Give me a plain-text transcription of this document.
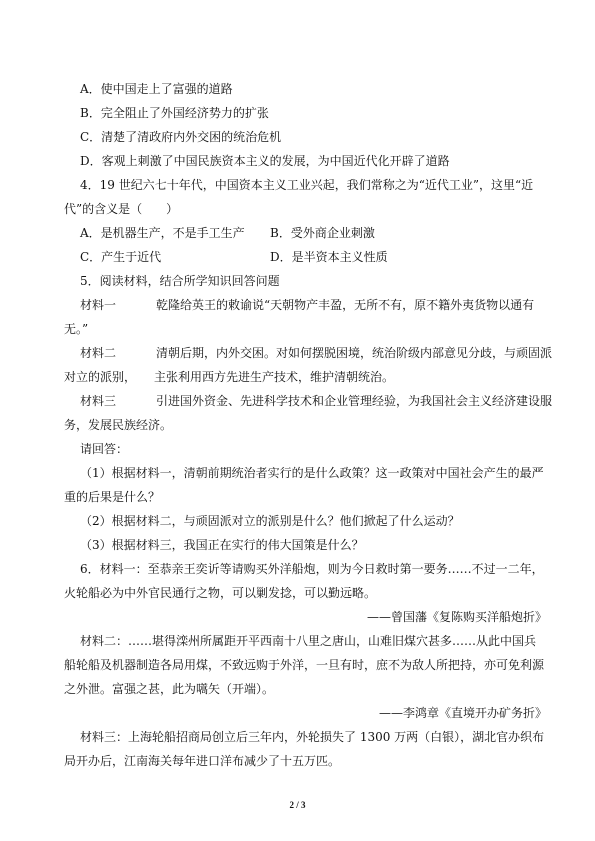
A．使中国走上了富强的道路
B．完全阻止了外国经济势力的扩张
C．清楚了清政府内外交困的统治危机
D．客观上刺激了中国民族资本主义的发展，为中国近代化开辟了道路
4．19 世纪六七十年代，中国资本主义工业兴起，我们常称之为“近代工业”，这里“近
代”的含义是（　　）
A．是机器生产，不是手工生产 B．受外商企业刺激
C．产生于近代	D．是半资本主义性质
5．阅读材料，结合所学知识回答问题
材料一	乾隆给英王的敕谕说“天朝物产丰盈，无所不有，原不籍外夷货物以通有
无。”
材料二	清朝后期，内外交困。对如何摆脱困境，统治阶级内部意见分歧，与顽固派
对立的派别， 主张利用西方先进生产技术，维护清朝统治。
材料三	引进国外资金、先进科学技术和企业管理经验，为我国社会主义经济建设服
务，发展民族经济。
请回答：
（1）根据材料一，清朝前期统治者实行的是什么政策？这一政策对中国社会产生的最严
重的后果是什么？
（2）根据材料二，与顽固派对立的派别是什么？他们掀起了什么运动？
（3）根据材料三，我国正在实行的伟大国策是什么？
6．材料一：至恭亲王奕䜣等请购买外洋船炮，则为今日救时第一要务……不过一二年，
火轮船必为中外官民通行之物，可以剿发捻，可以勤远略。
——曾国藩《复陈购买洋船炮折》
材料二：……堪得滦州所属距开平西南十八里之唐山，山难旧煤穴甚多……从此中国兵
船轮船及机器制造各局用煤，不致远购于外洋，一旦有时，庶不为敌人所把持，亦可免利源
之外泄。富强之甚，此为嚆矢（开端）。
——李鸿章《直境开办矿务折》
材料三：上海轮船招商局创立后三年内，外轮损失了 1300 万两（白银），湖北官办织布
局开办后，江南海关每年进口洋布减少了十五万匹。
2 / 3
